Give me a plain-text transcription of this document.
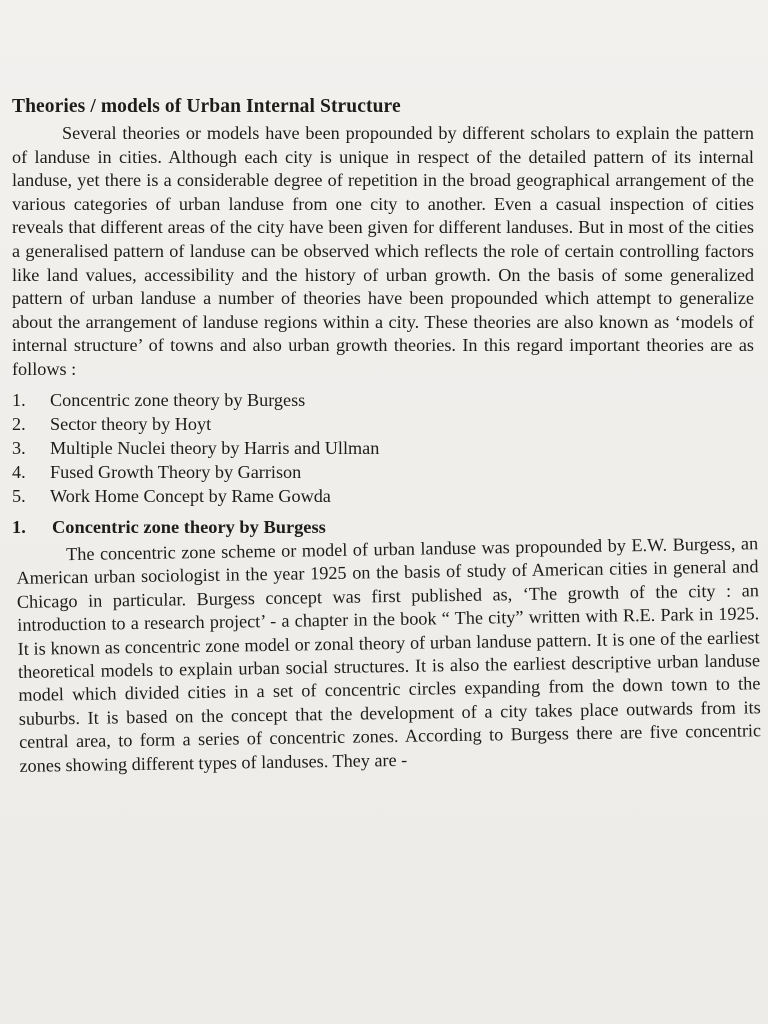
Theories / models of Urban Internal Structure

Several theories or models have been propounded by different scholars to explain the pattern of landuse in cities. Although each city is unique in respect of the detailed pattern of its internal landuse, yet there is a considerable degree of repetition in the broad geographical arrangement of the various categories of urban landuse from one city to another. Even a casual inspection of cities reveals that different areas of the city have been given for different landuses. But in most of the cities a generalised pattern of landuse can be observed which reflects the role of certain controlling factors like land values, accessibility and the history of urban growth. On the basis of some generalized pattern of urban landuse a number of theories have been propounded which attempt to generalize about the arrangement of landuse regions within a city. These theories are also known as ‘models of internal structure’ of towns and also urban growth theories. In this regard important theories are as follows :

1.	Concentric zone theory by Burgess
2.	Sector theory by Hoyt
3.	Multiple Nuclei theory by Harris and Ullman
4.	Fused Growth Theory by Garrison
5.	Work Home Concept by Rame Gowda
1.	Concentric zone theory by Burgess

The concentric zone scheme or model of urban landuse was propounded by E.W. Burgess, an American urban sociologist in the year 1925 on the basis of study of American cities in general and Chicago in particular. Burgess concept was first published as, ‘The growth of the city : an introduction to a research project’ - a chapter in the book “ The city” written with R.E. Park in 1925. It is known as concentric zone model or zonal theory of urban landuse pattern. It is one of the earliest theoretical models to explain urban social structures. It is also the earliest descriptive urban landuse model which divided cities in a set of concentric circles expanding from the down town to the suburbs. It is based on the concept that the development of a city takes place outwards from its central area, to form a series of concentric zones. According to Burgess there are five concentric zones showing different types of landuses. They are -
